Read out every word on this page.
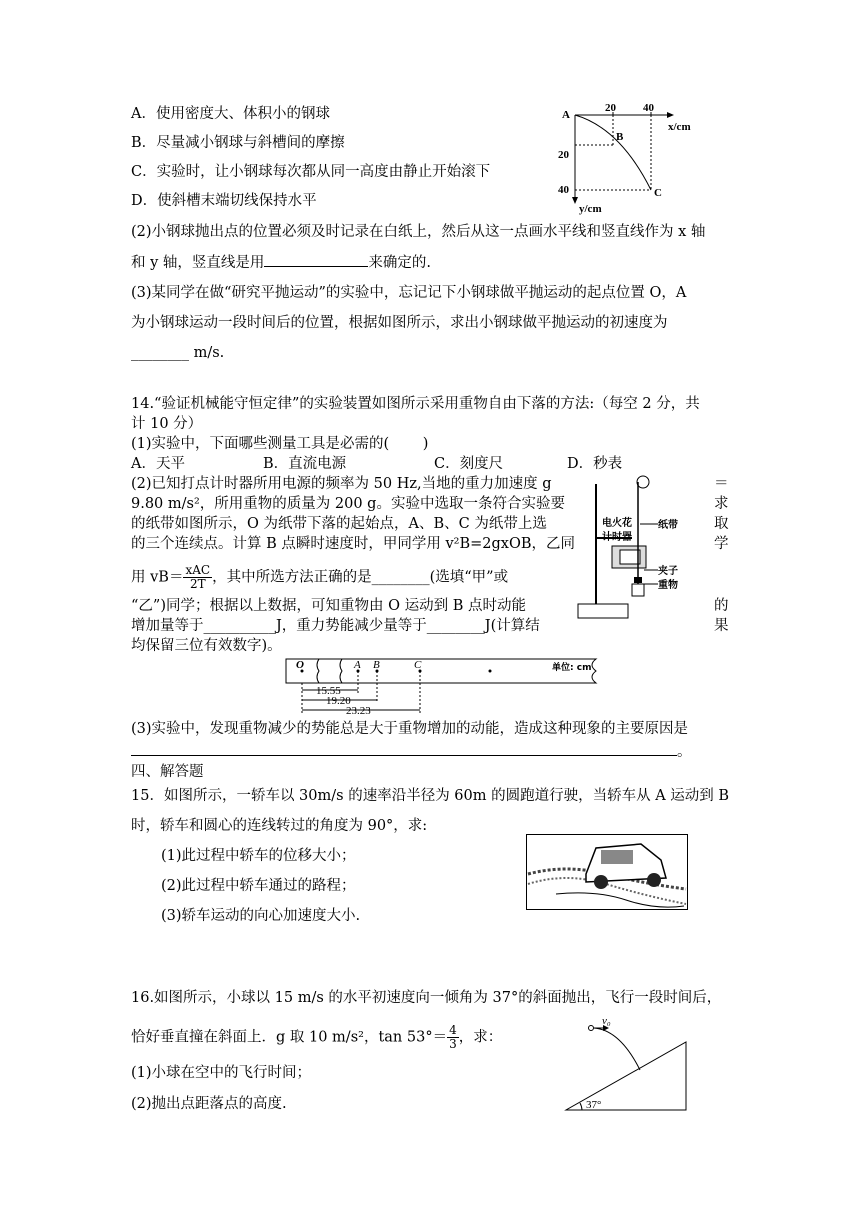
A．使用密度大、体积小的钢球
B．尽量减小钢球与斜槽间的摩擦
C．实验时，让小钢球每次都从同一高度由静止开始滚下
D．使斜槽末端切线保持水平
A
B
C
20 40
x/cm
20
40
y/cm
(2)小钢球抛出点的位置必须及时记录在白纸上，然后从这一点画水平线和竖直线作为 x 轴
和 y 轴，竖直线是用	来确定的.
(3)某同学在做“研究平抛运动”的实验中，忘记记下小钢球做平抛运动的起点位置 O，A
为小钢球运动一段时间后的位置，根据如图所示，求出小钢球做平抛运动的初速度为
________ m/s.
14.“验证机械能守恒定律”的实验装置如图所示采用重物自由下落的方法:（每空 2 分，共
计 10 分）
(1)实验中，下面哪些测量工具是必需的(　　 )
A．天平	B．直流电源	C．刻度尺	D．秒表
(2)已知打点计时器所用电源的频率为 50 Hz,当地的重力加速度 g
9.80 m/s²，所用重物的质量为 200 g。实验中选取一条符合实验要
的纸带如图所示，O 为纸带下落的起始点，A、B、C 为纸带上选
的三个连续点。计算 B 点瞬时速度时，甲同学用 v²B=2gxOB，乙同
用 $vB= \frac{\text{xAC}}{2T}$ ，其中所选方法正确的是________(选填“甲”或
“乙”)同学；根据以上数据，可知重物由 O 运动到 B 点时动能
增加量等于__________J，重力势能减少量等于________J(计算结
均保留三位有效数字)。
＝
求
取
学
的
果
电火花
计时器
纸带
夹子
重物
O	A B	C	单位: cm
15.55
19.20
23.23
(3)实验中，发现重物减少的势能总是大于重物增加的动能，造成这种现象的主要原因是
。
四、解答题
15．如图所示，一轿车以 30m/s 的速率沿半径为 60m 的圆跑道行驶，当轿车从 A 运动到 B
时，轿车和圆心的连线转过的角度为 90°，求:
(1)此过程中轿车的位移大小；
(2)此过程中轿车通过的路程；
(3)轿车运动的向心加速度大小.
16.如图所示，小球以 15 m/s 的水平初速度向一倾角为 37°的斜面抛出，飞行一段时间后，
恰好垂直撞在斜面上．g 取 10 m/s²，$\tan 53^\circ= \frac{4}{3}$ ，求：
(1)小球在空中的飞行时间；
(2)抛出点距落点的高度.
v₀
37°
